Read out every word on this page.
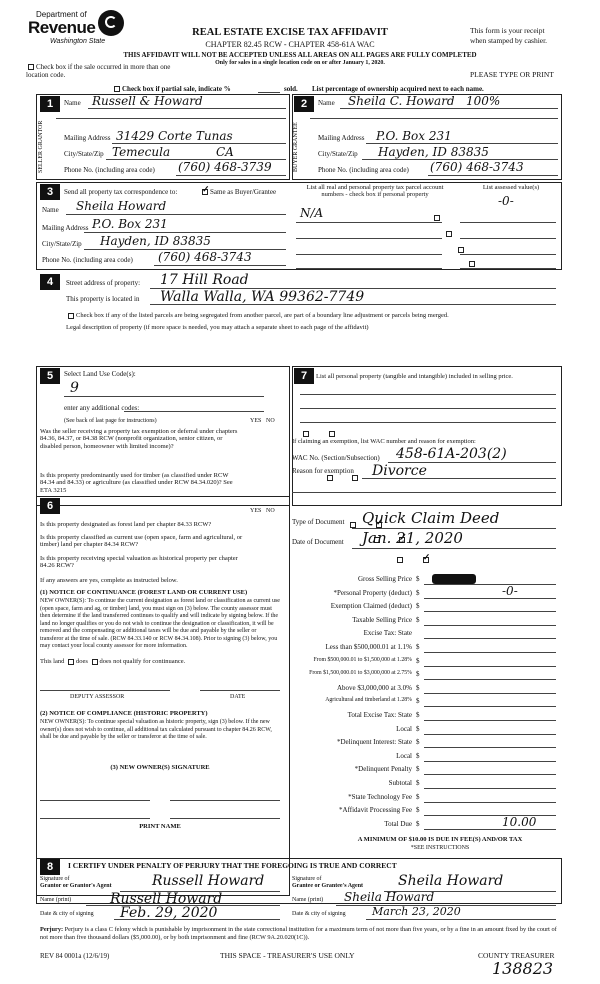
Department of
Revenue
Washington State
REAL ESTATE EXCISE TAX AFFIDAVIT
CHAPTER 82.45 RCW - CHAPTER 458-61A WAC
THIS AFFIDAVIT WILL NOT BE ACCEPTED UNLESS ALL AREAS ON ALL PAGES ARE FULLY COMPLETED
This form is your receipt
when stamped by cashier.
Only for sales in a single location code on or after January 1, 2020.
Check box if the sale occurred in more than one location code.	PLEASE TYPE OR PRINT
Check box if partial sale, indicate %	sold. List percentage of ownership acquired next to each name.
1
SELLER GRANTOR
Name Russell & Howard
Mailing Address 31429 Corte Tunas
City/State/Zip Temecula	CA
Phone No. (including area code) (760) 468-3739
2
BUYER GRANTEE
Name Sheila C. Howard 100%
Mailing Address P.O. Box 231
City/State/Zip Hayden, ID 83835
Phone No. (including area code) (760) 468-3743
3	Send all property tax correspondence to: ✓	Same as Buyer/Grantee
Name Sheila Howard
Mailing Address P.O. Box 231
City/State/Zip Hayden, ID 83835
Phone No. (including area code) (760) 468-3743
List all real and personal property tax parcel account numbers - check box if personal property
List assessed value(s)
N/A
-0-

4	Street address of property: 17 Hill Road
This property is located in Walla Walla, WA 99362-7749
Check box if any of the listed parcels are being segregated from another parcel, are part of a boundary line adjustment or parcels being merged.
Legal description of property (if more space is needed, you may attach a separate sheet to each page of the affidavit)
5	Select Land Use Code(s):
9
enter any additional codes:
(See back of last page for instructions)	YES NO
Was the seller receiving a property tax exemption or deferral under chapters 84.36, 84.37, or 84.38 RCW (nonprofit organization, senior citizen, or disabled person, homeowner with limited income)?

Is this property predominantly used for timber (as classified under RCW 84.34 and 84.33) or agriculture (as classified under RCW 84.34.020)? See ETA 3215

7	List all personal property (tangible and intangible) included in selling price.
If claiming an exemption, list WAC number and reason for exemption:
WAC No. (Section/Subsection) 458-61A-203(2)
Reason for exemption Divorce
6	YES NO
Is this property designated as forest land per chapter 84.33 RCW?
✓
Is this property classified as current use (open space, farm and agricultural, or timber) land per chapter 84.34 RCW?
✓
Is this property receiving special valuation as historical property per chapter 84.26 RCW?
✓
If any answers are yes, complete as instructed below.
(1) NOTICE OF CONTINUANCE (FOREST LAND OR CURRENT USE)
NEW OWNER(S): To continue the current designation as forest land or classification as current use (open space, farm and ag, or timber) land, you must sign on (3) below. The county assessor must then determine if the land transferred continues to qualify and will indicate by signing below. If the land no longer qualifies or you do not wish to continue the designation or classification, it will be removed and the compensating or additional taxes will be due and payable by the seller or transferor at the time of sale. (RCW 84.33.140 or RCW 84.34.108). Prior to signing (3) below, you may contact your local county assessor for more information.
This land does does not qualify for continuance.
DEPUTY ASSESSOR	DATE
(2) NOTICE OF COMPLIANCE (HISTORIC PROPERTY)
NEW OWNER(S): To continue special valuation as historic property, sign (3) below. If the new owner(s) does not wish to continue, all additional tax calculated pursuant to chapter 84.26 RCW, shall be due and payable by the seller or transferor at the time of sale.
(3) NEW OWNER(S) SIGNATURE
PRINT NAME
Type of Document Quick Claim Deed
Date of Document Jan. 21, 2020
Gross Selling Price $
*Personal Property (deduct) $	-0-
Exemption Claimed (deduct) $
Taxable Selling Price $
Excise Tax: State
Less than $500,000.01 at 1.1% $
From $500,000.01 to $1,500,000 at 1.28% $
From $1,500,000.01 to $3,000,000 at 2.75% $
Above $3,000,000 at 3.0% $
Agricultural and timberland at 1.28% $
Total Excise Tax: State $
Local $
*Delinquent Interest: State $
Local $
*Delinquent Penalty $
Subtotal $
*State Technology Fee $
*Affidavit Processing Fee $
Total Due $	10.00
A MINIMUM OF $10.00 IS DUE IN FEE(S) AND/OR TAX
*SEE INSTRUCTIONS
8	I CERTIFY UNDER PENALTY OF PERJURY THAT THE FOREGOING IS TRUE AND CORRECT
Signature of
Grantor or Grantor's Agent	Russell Howard	Signature of
Grantee or Grantee's Agent Sheila Howard
Name (print)	Russell Howard	Name (print) Sheila Howard
Date & city of signing Feb. 29, 2020	Date & city of signing March 23, 2020
Perjury: Perjury is a class C felony which is punishable by imprisonment in the state correctional institution for a maximum term of not more than five years, or by a fine in an amount fixed by the court of not more than five thousand dollars ($5,000.00), or by both imprisonment and fine (RCW 9A.20.020(1C)).
REV 84 0001a (12/6/19)	THIS SPACE - TREASURER'S USE ONLY	COUNTY TREASURER
138823
